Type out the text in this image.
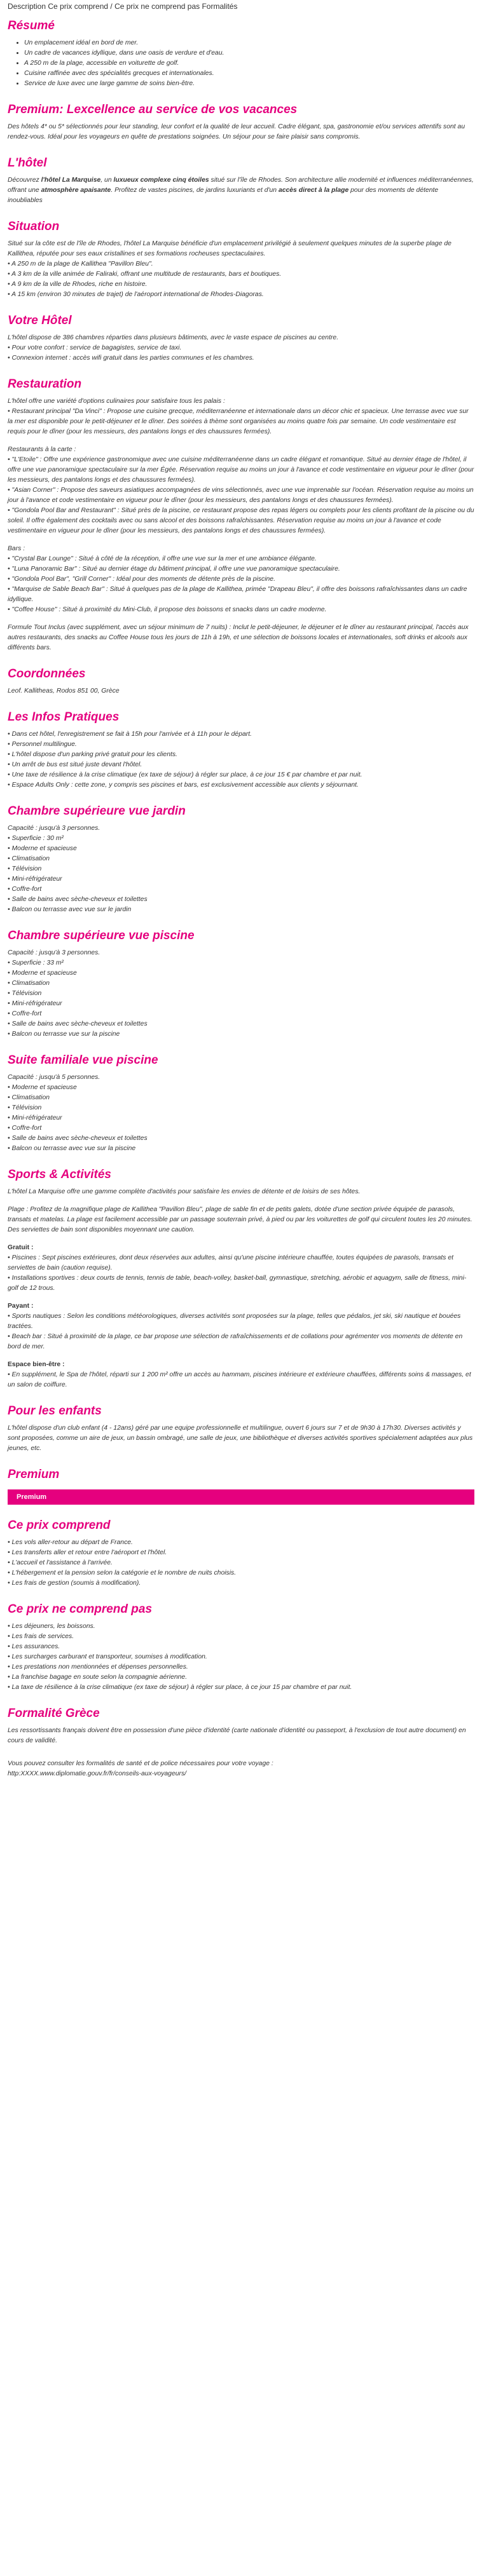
Description Ce prix comprend / Ce prix ne comprend pas Formalités
Résumé
• Un emplacement idéal en bord de mer.
• Un cadre de vacances idyllique, dans une oasis de verdure et d'eau.
• A 250 m de la plage, accessible en voiturette de golf.
• Cuisine raffinée avec des spécialités grecques et internationales.
• Service de luxe avec une large gamme de soins bien-être.
Premium: Lexcellence au service de vos vacances

Des hôtels 4* ou 5* sélectionnés pour leur standing, leur confort et la qualité de leur accueil. Cadre élégant, spa, gastronomie et/ou services attentifs sont au rendez-vous. Idéal pour les voyageurs en quête de prestations soignées. Un séjour pour se faire plaisir sans compromis.

L'hôtel

Découvrez l'hôtel La Marquise, un luxueux complexe cinq étoiles situé sur l'île de Rhodes. Son architecture allie modernité et influences méditerranéennes, offrant une atmosphère apaisante. Profitez de vastes piscines, de jardins luxuriants et d'un accès direct à la plage pour des moments de détente inoubliables

Situation
Situé sur la côte est de l'île de Rhodes, l'hôtel La Marquise bénéficie d'un emplacement privilégié à seulement quelques minutes de la superbe plage de Kallithea, réputée pour ses eaux cristallines et ses formations rocheuses spectaculaires.
• A 250 m de la plage de Kallithea "Pavillon Bleu".
• A 3 km de la ville animée de Faliraki, offrant une multitude de restaurants, bars et boutiques.
• A 9 km de la ville de Rhodes, riche en histoire.
• A 15 km (environ 30 minutes de trajet) de l'aéroport international de Rhodes-Diagoras.
Votre Hôtel
L'hôtel dispose de 386 chambres réparties dans plusieurs bâtiments, avec le vaste espace de piscines au centre.
• Pour votre confort : service de bagagistes, service de taxi.
• Connexion internet : accès wifi gratuit dans les parties communes et les chambres.
Restauration
L'hôtel offre une variété d'options culinaires pour satisfaire tous les palais :
• Restaurant principal "Da Vinci" : Propose une cuisine grecque, méditerranéenne et internationale dans un décor chic et spacieux. Une terrasse avec vue sur la mer est disponible pour le petit-déjeuner et le dîner. Des soirées à thème sont organisées au moins quatre fois par semaine. Un code vestimentaire est requis pour le dîner (pour les messieurs, des pantalons longs et des chaussures fermées).
Restaurants à la carte :
• "L'Etoile" : Offre une expérience gastronomique avec une cuisine méditerranéenne dans un cadre élégant et romantique. Situé au dernier étage de l'hôtel, il offre une vue panoramique spectaculaire sur la mer Égée. Réservation requise au moins un jour à l'avance et code vestimentaire en vigueur pour le dîner (pour les messieurs, des pantalons longs et des chaussures fermées).
• "Asian Corner" : Propose des saveurs asiatiques accompagnées de vins sélectionnés, avec une vue imprenable sur l'océan. Réservation requise au moins un jour à l'avance et code vestimentaire en vigueur pour le dîner (pour les messieurs, des pantalons longs et des chaussures fermées).
• "Gondola Pool Bar and Restaurant" : Situé près de la piscine, ce restaurant propose des repas légers ou complets pour les clients profitant de la piscine ou du soleil. Il offre également des cocktails avec ou sans alcool et des boissons rafraîchissantes. Réservation requise au moins un jour à l'avance et code vestimentaire en vigueur pour le dîner (pour les messieurs, des pantalons longs et des chaussures fermées).
Bars :
• "Crystal Bar Lounge" : Situé à côté de la réception, il offre une vue sur la mer et une ambiance élégante.
• "Luna Panoramic Bar" : Situé au dernier étage du bâtiment principal, il offre une vue panoramique spectaculaire.
• "Gondola Pool Bar", "Grill Corner" : Idéal pour des moments de détente près de la piscine.
• "Marquise de Sable Beach Bar" : Situé à quelques pas de la plage de Kallithea, primée "Drapeau Bleu", il offre des boissons rafraîchissantes dans un cadre idyllique.
• "Coffee House" : Situé à proximité du Mini-Club, il propose des boissons et snacks dans un cadre moderne.
Formule Tout Inclus (avec supplément, avec un séjour minimum de 7 nuits) : Inclut le petit-déjeuner, le déjeuner et le dîner au restaurant principal, l'accès aux autres restaurants, des snacks au Coffee House tous les jours de 11h à 19h, et une sélection de boissons locales et internationales, soft drinks et alcools aux différents bars.
Coordonnées

Leof. Kallitheas, Rodos 851 00, Grèce

Les Infos Pratiques
• Dans cet hôtel, l'enregistrement se fait à 15h pour l'arrivée et à 11h pour le départ.
• Personnel multilingue.
• L'hôtel dispose d'un parking privé gratuit pour les clients.
• Un arrêt de bus est situé juste devant l'hôtel.
• Une taxe de résilience à la crise climatique (ex taxe de séjour) à régler sur place, à ce jour 15 € par chambre et par nuit.
• Espace Adults Only : cette zone, y compris ses piscines et bars, est exclusivement accessible aux clients y séjournant.
Chambre supérieure vue jardin
Capacité : jusqu'à 3 personnes.
• Superficie : 30 m²
• Moderne et spacieuse
• Climatisation
• Télévision
• Mini-réfrigérateur
• Coffre-fort
• Salle de bains avec sèche-cheveux et toilettes
• Balcon ou terrasse avec vue sur le jardin
Chambre supérieure vue piscine
Capacité : jusqu'à 3 personnes.
• Superficie : 33 m²
• Moderne et spacieuse
• Climatisation
• Télévision
• Mini-réfrigérateur
• Coffre-fort
• Salle de bains avec sèche-cheveux et toilettes
• Balcon ou terrasse vue sur la piscine
Suite familiale vue piscine
Capacité : jusqu'à 5 personnes.
• Moderne et spacieuse
• Climatisation
• Télévision
• Mini-réfrigérateur
• Coffre-fort
• Salle de bains avec sèche-cheveux et toilettes
• Balcon ou terrasse avec vue sur la piscine
Sports & Activités
L'hôtel La Marquise offre une gamme complète d'activités pour satisfaire les envies de détente et de loisirs de ses hôtes.
Plage : Profitez de la magnifique plage de Kallithea "Pavillon Bleu", plage de sable fin et de petits galets, dotée d'une section privée équipée de parasols, transats et matelas. La plage est facilement accessible par un passage souterrain privé, à pied ou par les voiturettes de golf qui circulent toutes les 20 minutes. Des serviettes de bain sont disponibles moyennant une caution.
Gratuit :
• Piscines : Sept piscines extérieures, dont deux réservées aux adultes, ainsi qu'une piscine intérieure chauffée, toutes équipées de parasols, transats et serviettes de bain (caution requise).
• Installations sportives : deux courts de tennis, tennis de table, beach-volley, basket-ball, gymnastique, stretching, aérobic et aquagym, salle de fitness, mini-golf de 12 trous.
Payant :
• Sports nautiques : Selon les conditions météorologiques, diverses activités sont proposées sur la plage, telles que pédalos, jet ski, ski nautique et bouées tractées.
• Beach bar : Situé à proximité de la plage, ce bar propose une sélection de rafraîchissements et de collations pour agrémenter vos moments de détente en bord de mer.
Espace bien-être :
• En supplément, le Spa de l'hôtel, réparti sur 1 200 m² offre un accès au hammam, piscines intérieure et extérieure chauffées, différents soins & massages, et un salon de coiffure.
Pour les enfants

L'hôtel dispose d'un club enfant (4 - 12ans) géré par une equipe professionnelle et multilingue, ouvert 6 jours sur 7 et de 9h30 à 17h30. Diverses activités y sont proposées, comme un aire de jeux, un bassin ombragé, une salle de jeux, une bibliothèque et diverses activités sportives spécialement adaptées aux plus jeunes, etc.

Premium
Premium
Ce prix comprend
• Les vols aller-retour au départ de France.
• Les transferts aller et retour entre l'aéroport et l'hôtel.
• L'accueil et l'assistance à l'arrivée.
• L'hébergement et la pension selon la catégorie et le nombre de nuits choisis.
• Les frais de gestion (soumis à modification).
Ce prix ne comprend pas
• Les déjeuners, les boissons.
• Les frais de services.
• Les assurances.
• Les surcharges carburant et transporteur, soumises à modification.
• Les prestations non mentionnées et dépenses personnelles.
• La franchise bagage en soute selon la compagnie aérienne.
• La taxe de résilience à la crise climatique (ex taxe de séjour) à régler sur place, à ce jour 15 par chambre et par nuit.
Formalité Grèce

Les ressortissants français doivent être en possession d'une pièce d'identité (carte nationale d'identité ou passeport, à l'exclusion de tout autre document) en cours de validité.

Vous pouvez consulter les formalités de santé et de police nécessaires pour votre voyage :
http:XXXX.www.diplomatie.gouv.fr/fr/conseils-aux-voyageurs/
